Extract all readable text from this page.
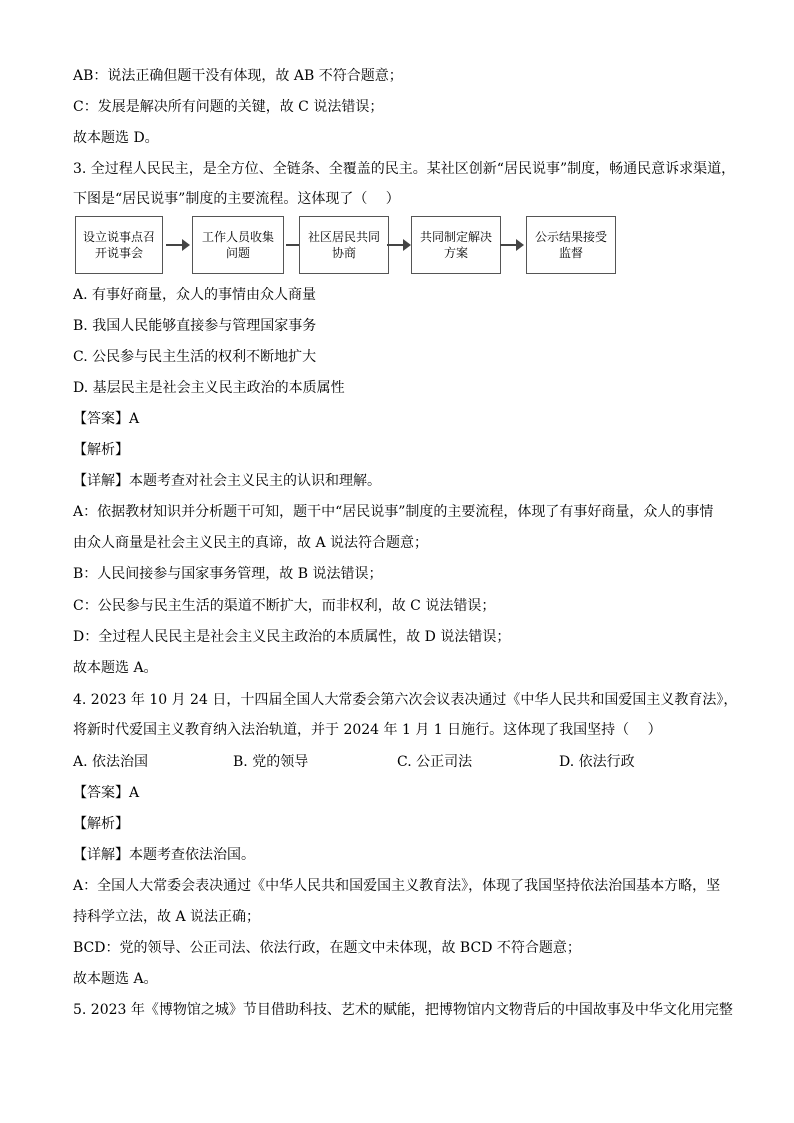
AB：说法正确但题干没有体现，故 AB 不符合题意；
C：发展是解决所有问题的关键，故 C 说法错误；
故本题选 D。
3. 全过程人民民主，是全方位、全链条、全覆盖的民主。某社区创新“居民说事”制度，畅通民意诉求渠道，
下图是“居民说事”制度的主要流程。这体现了（　 ）
设立说事点召开说事会
工作人员收集问题
社区居民共同协商
共同制定解决方案
公示结果接受监督
A. 有事好商量，众人的事情由众人商量
B. 我国人民能够直接参与管理国家事务
C. 公民参与民主生活的权利不断地扩大
D. 基层民主是社会主义民主政治的本质属性
【答案】A
【解析】
【详解】本题考查对社会主义民主的认识和理解。
A：依据教材知识并分析题干可知，题干中“居民说事”制度的主要流程，体现了有事好商量，众人的事情
由众人商量是社会主义民主的真谛，故 A 说法符合题意；
B：人民间接参与国家事务管理，故 B 说法错误；
C：公民参与民主生活的渠道不断扩大，而非权利，故 C 说法错误；
D：全过程人民民主是社会主义民主政治的本质属性，故 D 说法错误；
故本题选 A。
4. 2023 年 10 月 24 日，十四届全国人大常委会第六次会议表决通过《中华人民共和国爱国主义教育法》，
将新时代爱国主义教育纳入法治轨道，并于 2024 年 1 月 1 日施行。这体现了我国坚持（　 ）
A. 依法治国	B. 党的领导	C. 公正司法	D. 依法行政
【答案】A
【解析】
【详解】本题考查依法治国。
A：全国人大常委会表决通过《中华人民共和国爱国主义教育法》，体现了我国坚持依法治国基本方略，坚
持科学立法，故 A 说法正确；
BCD：党的领导、公正司法、依法行政，在题文中未体现，故 BCD 不符合题意；
故本题选 A。
5. 2023 年《博物馆之城》节目借助科技、艺术的赋能，把博物馆内文物背后的中国故事及中华文化用完整
